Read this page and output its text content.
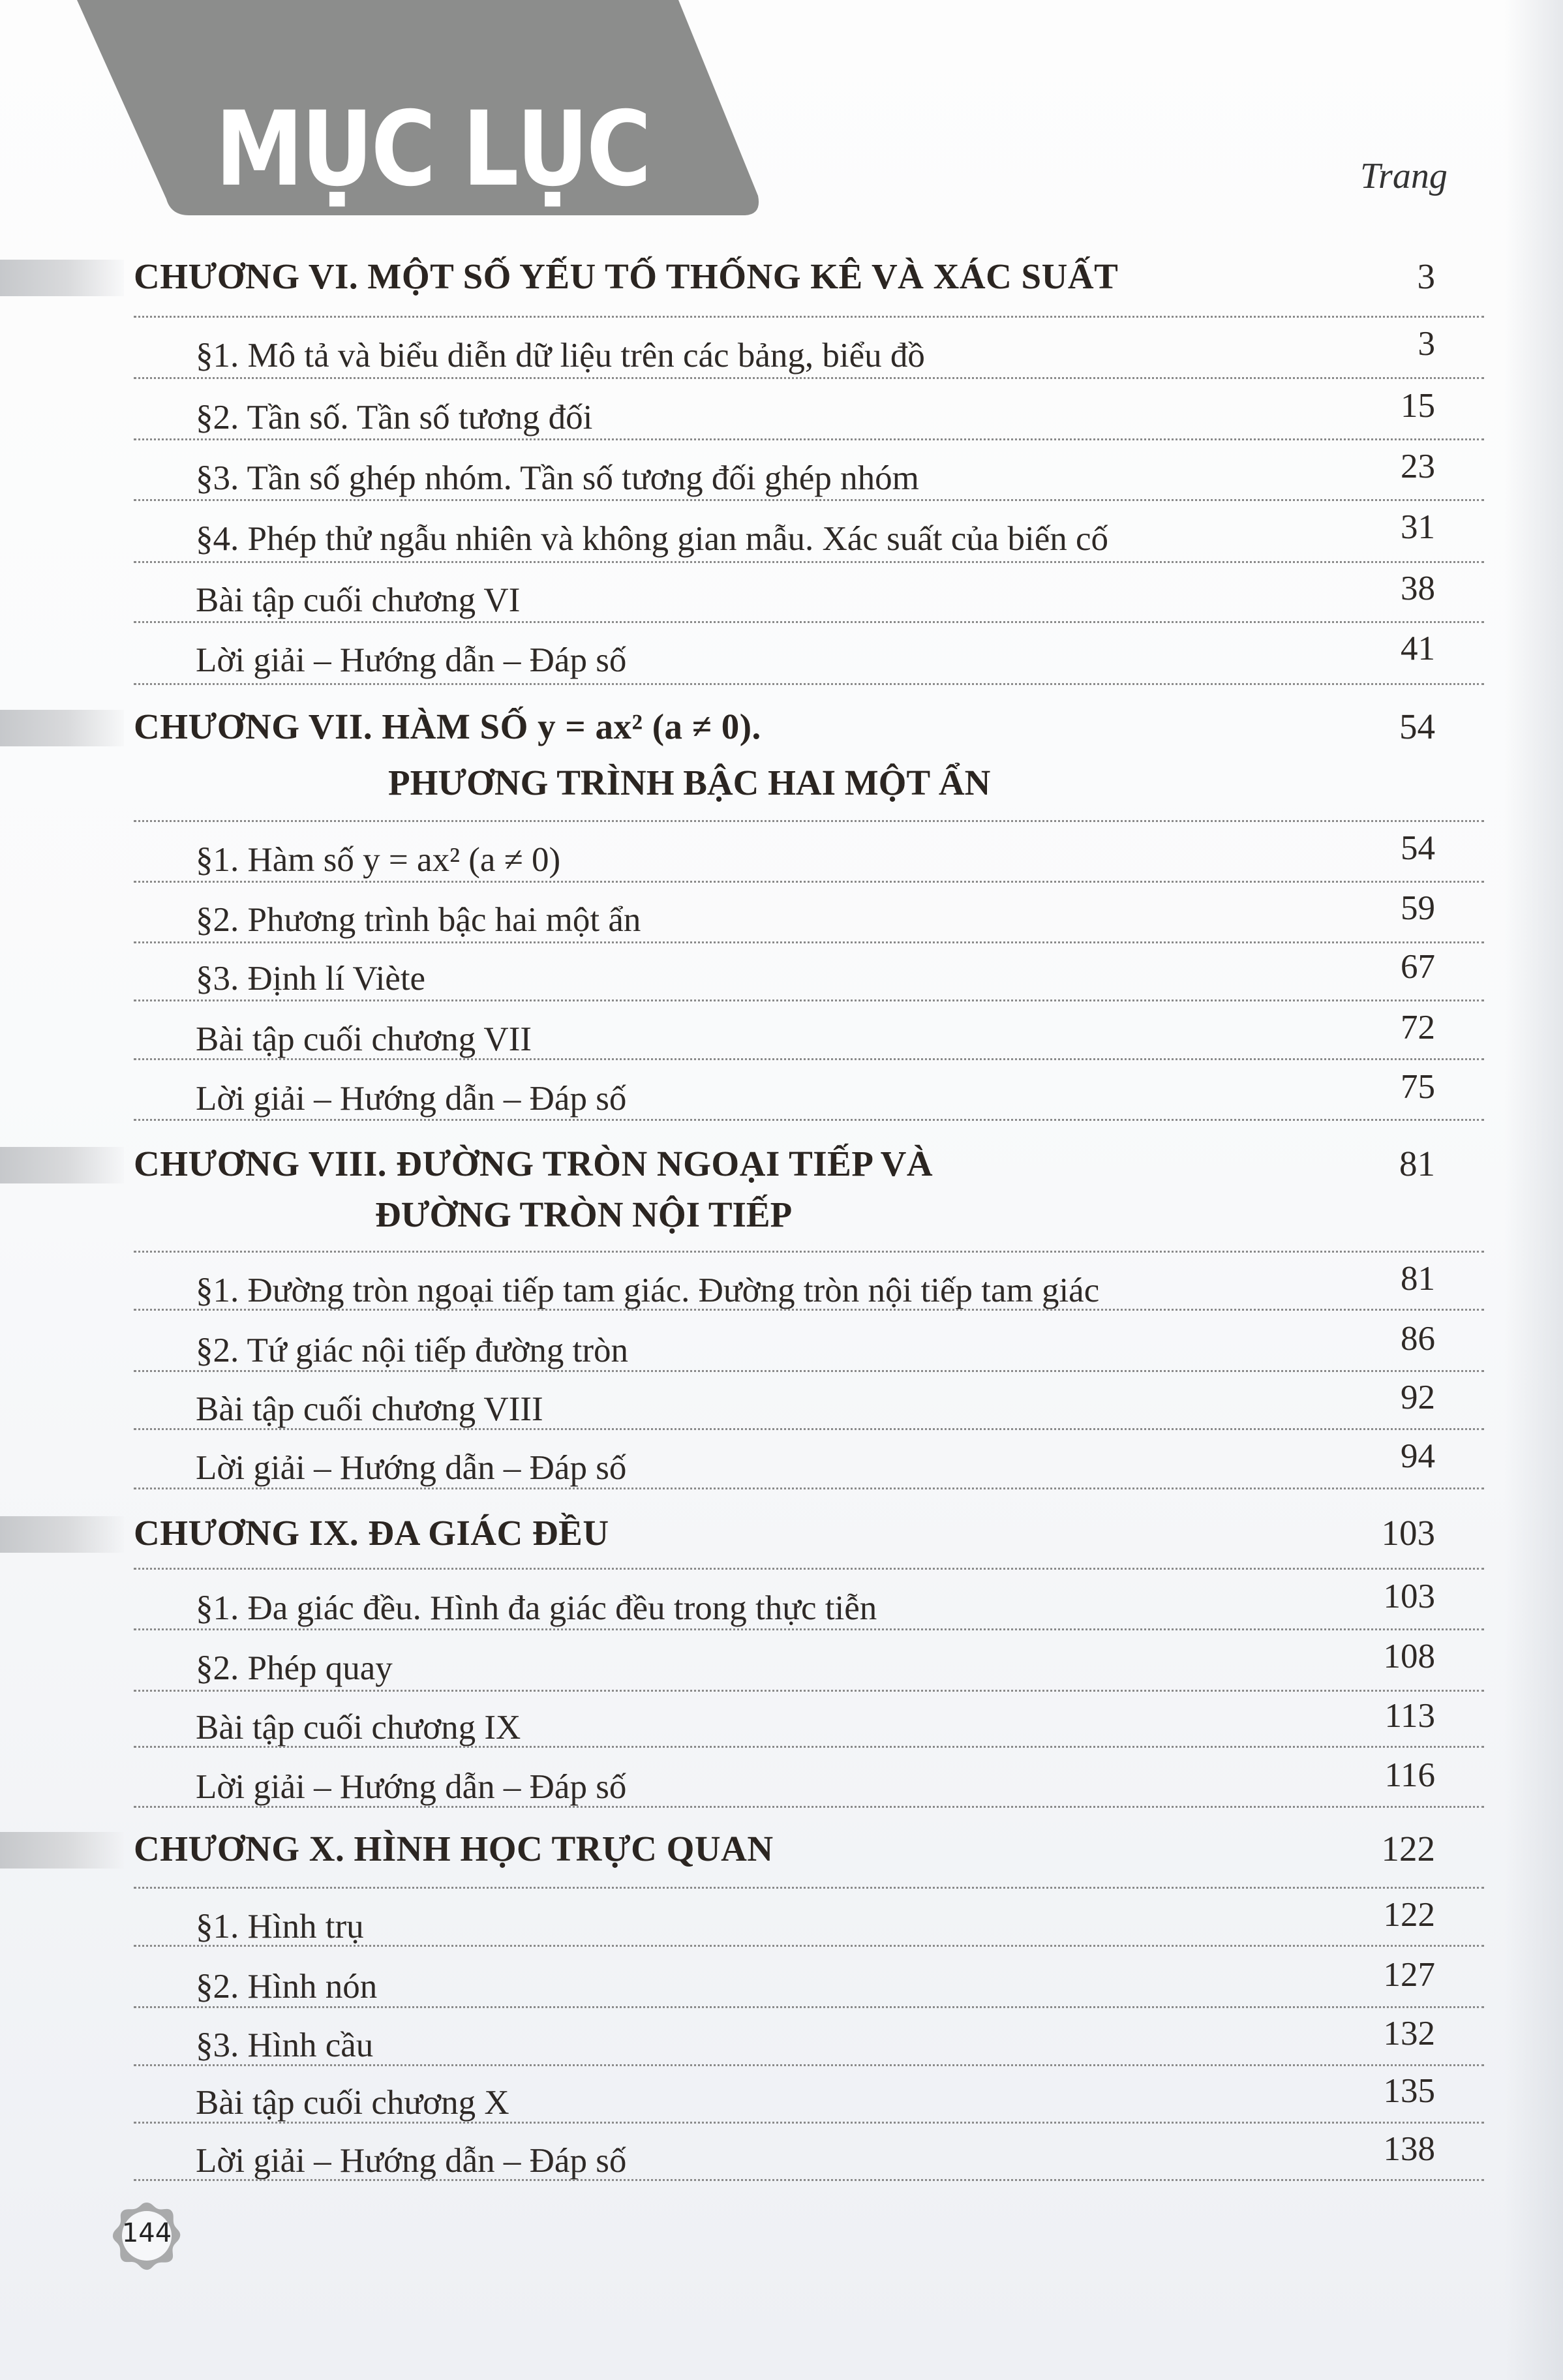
MỤC LỤC	Trang
CHƯƠNG VI. MỘT SỐ YẾU TỐ THỐNG KÊ VÀ XÁC SUẤT	3
§1. Mô tả và biểu diễn dữ liệu trên các bảng, biểu đồ	3
§2. Tần số. Tần số tương đối	15
§3. Tần số ghép nhóm. Tần số tương đối ghép nhóm	23
§4. Phép thử ngẫu nhiên và không gian mẫu. Xác suất của biến cố	31
Bài tập cuối chương VI	38
Lời giải – Hướng dẫn – Đáp số	41
CHƯƠNG VII. HÀM SỐ y = ax² (a ≠ 0).	54
PHƯƠNG TRÌNH BẬC HAI MỘT ẨN
§1. Hàm số y = ax² (a ≠ 0)	54
§2. Phương trình bậc hai một ẩn	59
§3. Định lí Viète	67
Bài tập cuối chương VII	72
Lời giải – Hướng dẫn – Đáp số	75
CHƯƠNG VIII. ĐƯỜNG TRÒN NGOẠI TIẾP VÀ	81
ĐƯỜNG TRÒN NỘI TIẾP
§1. Đường tròn ngoại tiếp tam giác. Đường tròn nội tiếp tam giác	81
§2. Tứ giác nội tiếp đường tròn	86
Bài tập cuối chương VIII	92
Lời giải – Hướng dẫn – Đáp số	94
CHƯƠNG IX. ĐA GIÁC ĐỀU	103
§1. Đa giác đều. Hình đa giác đều trong thực tiễn	103
§2. Phép quay	108
Bài tập cuối chương IX	113
Lời giải – Hướng dẫn – Đáp số	116
CHƯƠNG X. HÌNH HỌC TRỰC QUAN	122
§1. Hình trụ	122
§2. Hình nón	127
§3. Hình cầu	132
Bài tập cuối chương X	135
Lời giải – Hướng dẫn – Đáp số	138
144
